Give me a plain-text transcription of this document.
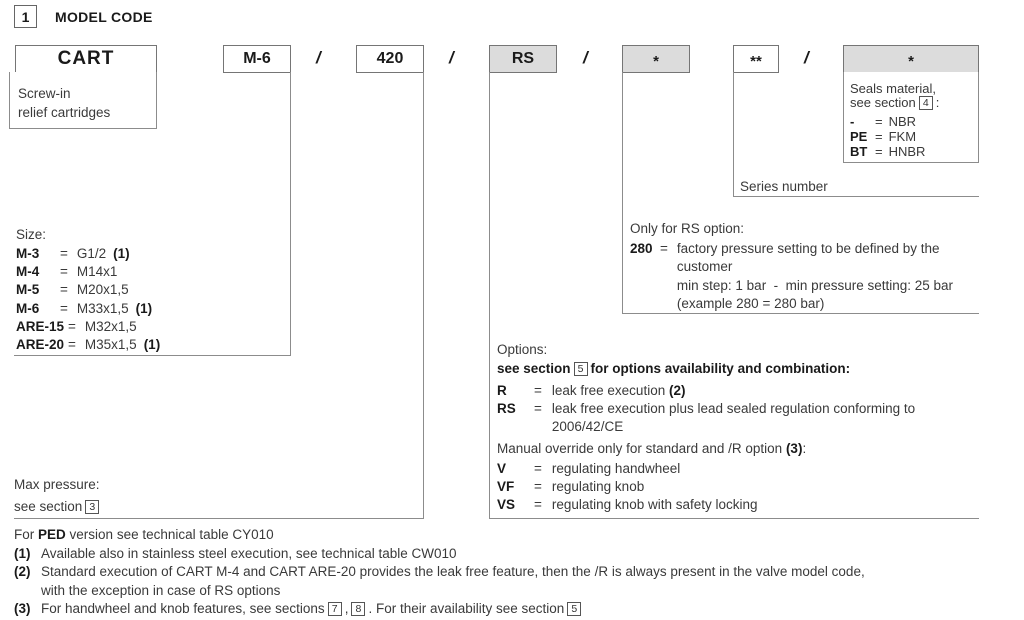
1 MODEL CODE
CART	M-6	/	420	/	RS	/	*	**	/	*
Screw-in
relief cartridges
Seals material,
see section 4 :
-	= NBR
PE = FKM
BT = HNBR
Series number
Size:
M-3	= G1/2 (1)
M-4	= M14x1
M-5	= M20x1,5
M-6	= M33x1,5 (1)
ARE-15 = M32x1,5
ARE-20 = M35x1,5 (1)
Max pressure:
see section 3
Only for RS option:
280 = factory pressure setting to be defined by the
customer
min step: 1 bar  -  min pressure setting: 25 bar
(example 280 = 280 bar)
Options:
see section 5 for options availability and combination:
R	= leak free execution (2)
RS	= leak free execution plus lead sealed regulation conforming to
2006/42/CE
Manual override only for standard and /R option (3):
V	= regulating handwheel
VF	= regulating knob
VS	= regulating knob with safety locking
For PED version see technical table CY010
(1) Available also in stainless steel execution, see technical table CW010
(2) Standard execution of CART M-4 and CART ARE-20 provides the leak free feature, then the /R is always present in the valve model code,
with the exception in case of RS options
(3) For handwheel and knob features, see sections 7 , 8 . For their availability see section 5
